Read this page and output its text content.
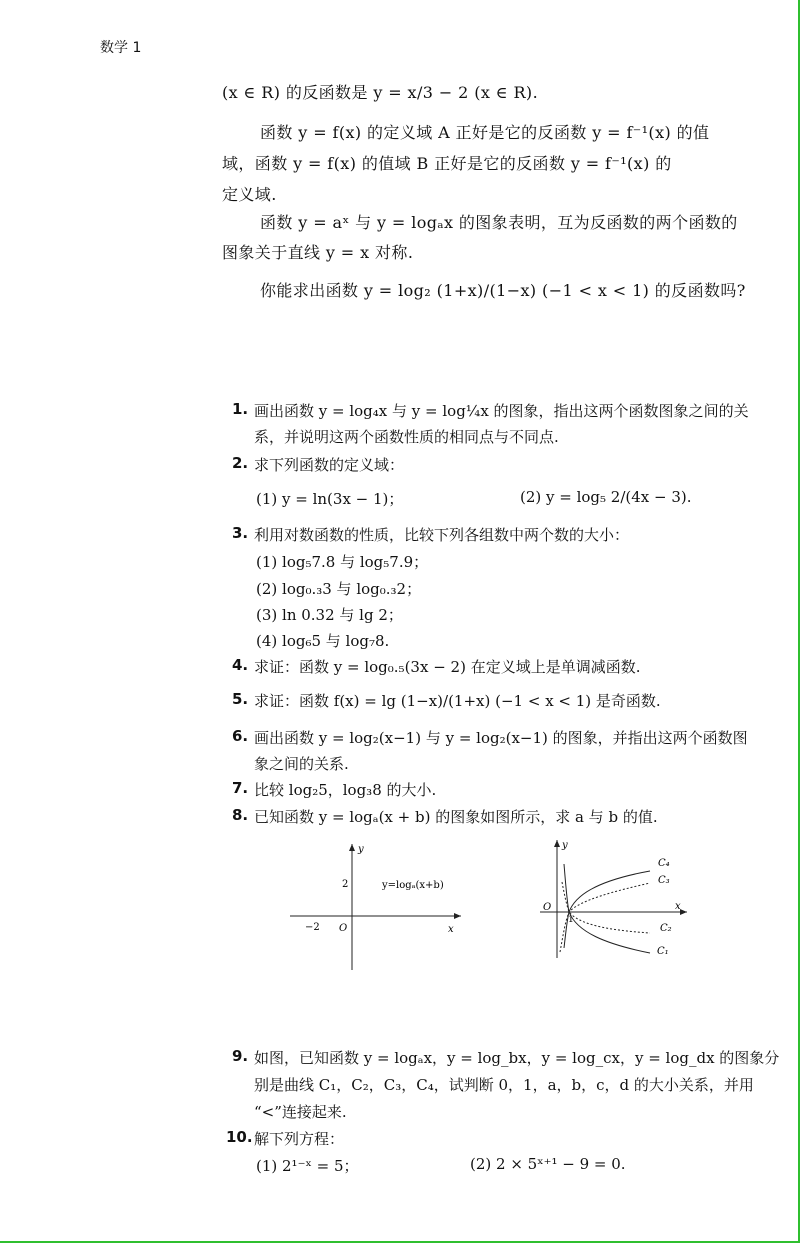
数学 1
(x ∈ R) 的反函数是 y = x/3 − 2 (x ∈ R).
函数 y = f(x) 的定义域 A 正好是它的反函数 y = f⁻¹(x) 的值
域，函数 y = f(x) 的值域 B 正好是它的反函数 y = f⁻¹(x) 的
定义域.
函数 y = aˣ 与 y = logₐx 的图象表明，互为反函数的两个函数的
图象关于直线 y = x 对称.
你能求出函数 y = log₂ (1+x)/(1−x) (−1 < x < 1) 的反函数吗?
1. 画出函数 y = log₄x 与 y = log¼x 的图象，指出这两个函数图象之间的关
系，并说明这两个函数性质的相同点与不同点.
2. 求下列函数的定义域：
(1) y = ln(3x − 1)；	(2) y = log₅ 2/(4x − 3).
3. 利用对数函数的性质，比较下列各组数中两个数的大小：
(1) log₅7.8 与 log₅7.9；
(2) log₀.₃3 与 log₀.₃2；
(3) ln 0.32 与 lg 2；
(4) log₆5 与 log₇8.
4. 求证：函数 y = log₀.₅(3x − 2) 在定义域上是单调减函数.
5. 求证：函数 f(x) = lg (1−x)/(1+x) (−1 < x < 1) 是奇函数.
6. 画出函数 y = log₂(x−1) 与 y = log₂(x−1) 的图象，并指出这两个函数图
象之间的关系.
7. 比较 log₂5，log₃8 的大小.
8. 已知函数 y = logₐ(x + b) 的图象如图所示，求 a 与 b 的值.
y
x
O
2
−2
y=logₐ(x+b)
y
x
O
1
C₄
C₃
C₂
C₁
9. 如图，已知函数 y = logₐx，y = log_bx，y = log_cx，y = log_dx 的图象分
别是曲线 C₁，C₂，C₃，C₄，试判断 0，1，a，b，c，d 的大小关系，并用
“<”连接起来.
10. 解下列方程：
(1) 2¹⁻ˣ = 5；	(2) 2 × 5ˣ⁺¹ − 9 = 0.
